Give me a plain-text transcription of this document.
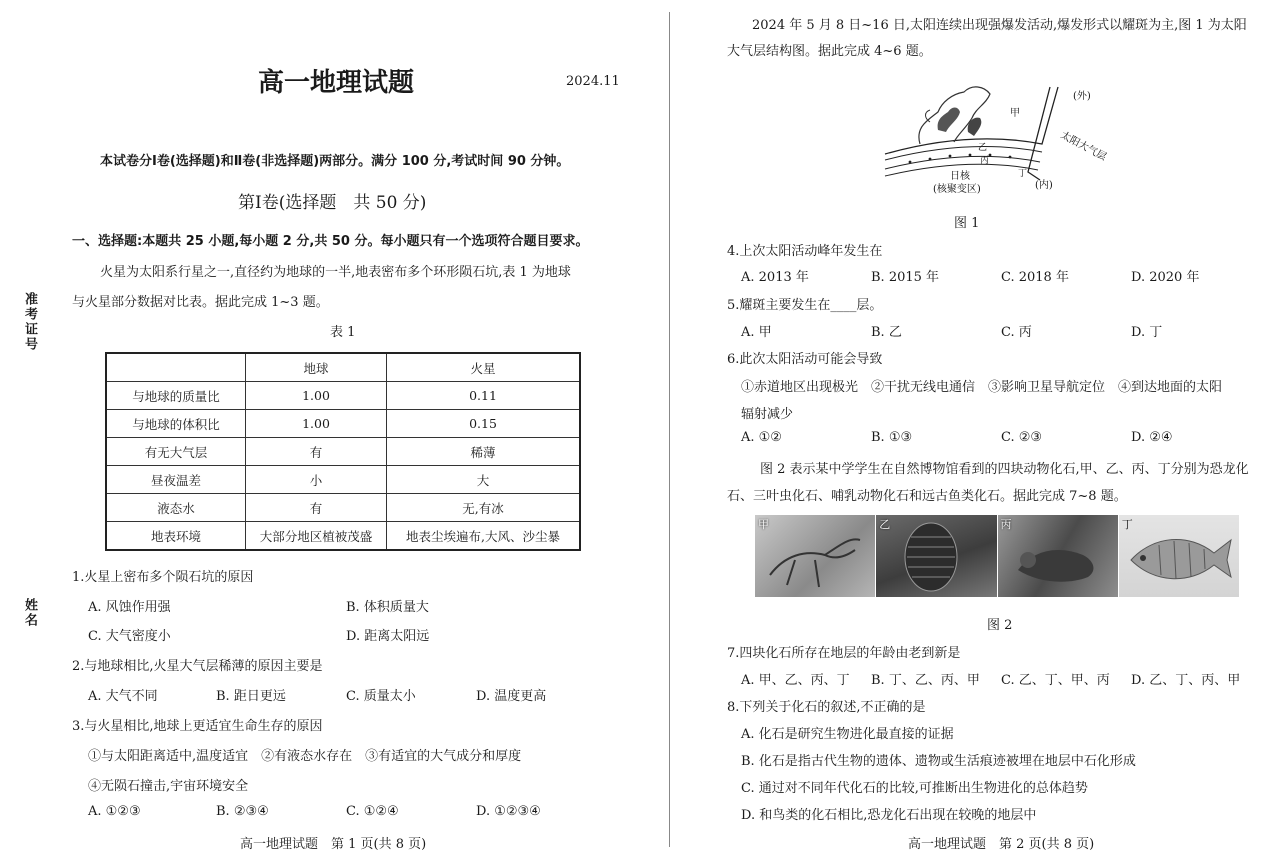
准考证号
姓名
高一地理试题	2024.11
本试卷分Ⅰ卷(选择题)和Ⅱ卷(非选择题)两部分。满分 100 分,考试时间 90 分钟。
第Ⅰ卷(选择题　共 50 分)
一、选择题:本题共 25 小题,每小题 2 分,共 50 分。每小题只有一个选项符合题目要求。
火星为太阳系行星之一,直径约为地球的一半,地表密布多个环形陨石坑,表 1 为地球
与火星部分数据对比表。据此完成 1~3 题。
表 1
	地球	火星
与地球的质量比	1.00	0.11
与地球的体积比	1.00	0.15
有无大气层	有	稀薄
昼夜温差	小	大
液态水	有	无,有冰
地表环境	大部分地区植被茂盛	地表尘埃遍布,大风、沙尘暴
1.火星上密布多个陨石坑的原因
A. 风蚀作用强	B. 体积质量大
C. 大气密度小	D. 距离太阳远
2.与地球相比,火星大气层稀薄的原因主要是
A. 大气不同	B. 距日更远	C. 质量太小	D. 温度更高
3.与火星相比,地球上更适宜生命生存的原因
①与太阳距离适中,温度适宜　②有液态水存在　③有适宜的大气成分和厚度
④无陨石撞击,宇宙环境安全
A. ①②③	B. ②③④	C. ①②④	D. ①②③④
高一地理试题　第 1 页(共 8 页)
2024 年 5 月 8 日~16 日,太阳连续出现强爆发活动,爆发形式以耀斑为主,图 1 为太阳
大气层结构图。据此完成 4~6 题。
甲
乙
丙
丁
(外)
(内)
太阳大气层
日核
(核聚变区)
图 1
4.上次太阳活动峰年发生在
A. 2013 年	B. 2015 年	C. 2018 年	D. 2020 年
5.耀斑主要发生在____层。
A. 甲	B. 乙	C. 丙	D. 丁
6.此次太阳活动可能会导致
①赤道地区出现极光　②干扰无线电通信　③影响卫星导航定位　④到达地面的太阳
辐射减少
A. ①②	B. ①③	C. ②③	D. ②④
图 2 表示某中学学生在自然博物馆看到的四块动物化石,甲、乙、丙、丁分别为恐龙化
石、三叶虫化石、哺乳动物化石和远古鱼类化石。据此完成 7~8 题。
甲	乙	丙	丁
图 2
7.四块化石所存在地层的年龄由老到新是
A. 甲、乙、丙、丁 B. 丁、乙、丙、甲 C. 乙、丁、甲、丙 D. 乙、丁、丙、甲
8.下列关于化石的叙述,不正确的是
A. 化石是研究生物进化最直接的证据
B. 化石是指古代生物的遗体、遗物或生活痕迹被埋在地层中石化形成
C. 通过对不同年代化石的比较,可推断出生物进化的总体趋势
D. 和鸟类的化石相比,恐龙化石出现在较晚的地层中
高一地理试题　第 2 页(共 8 页)
